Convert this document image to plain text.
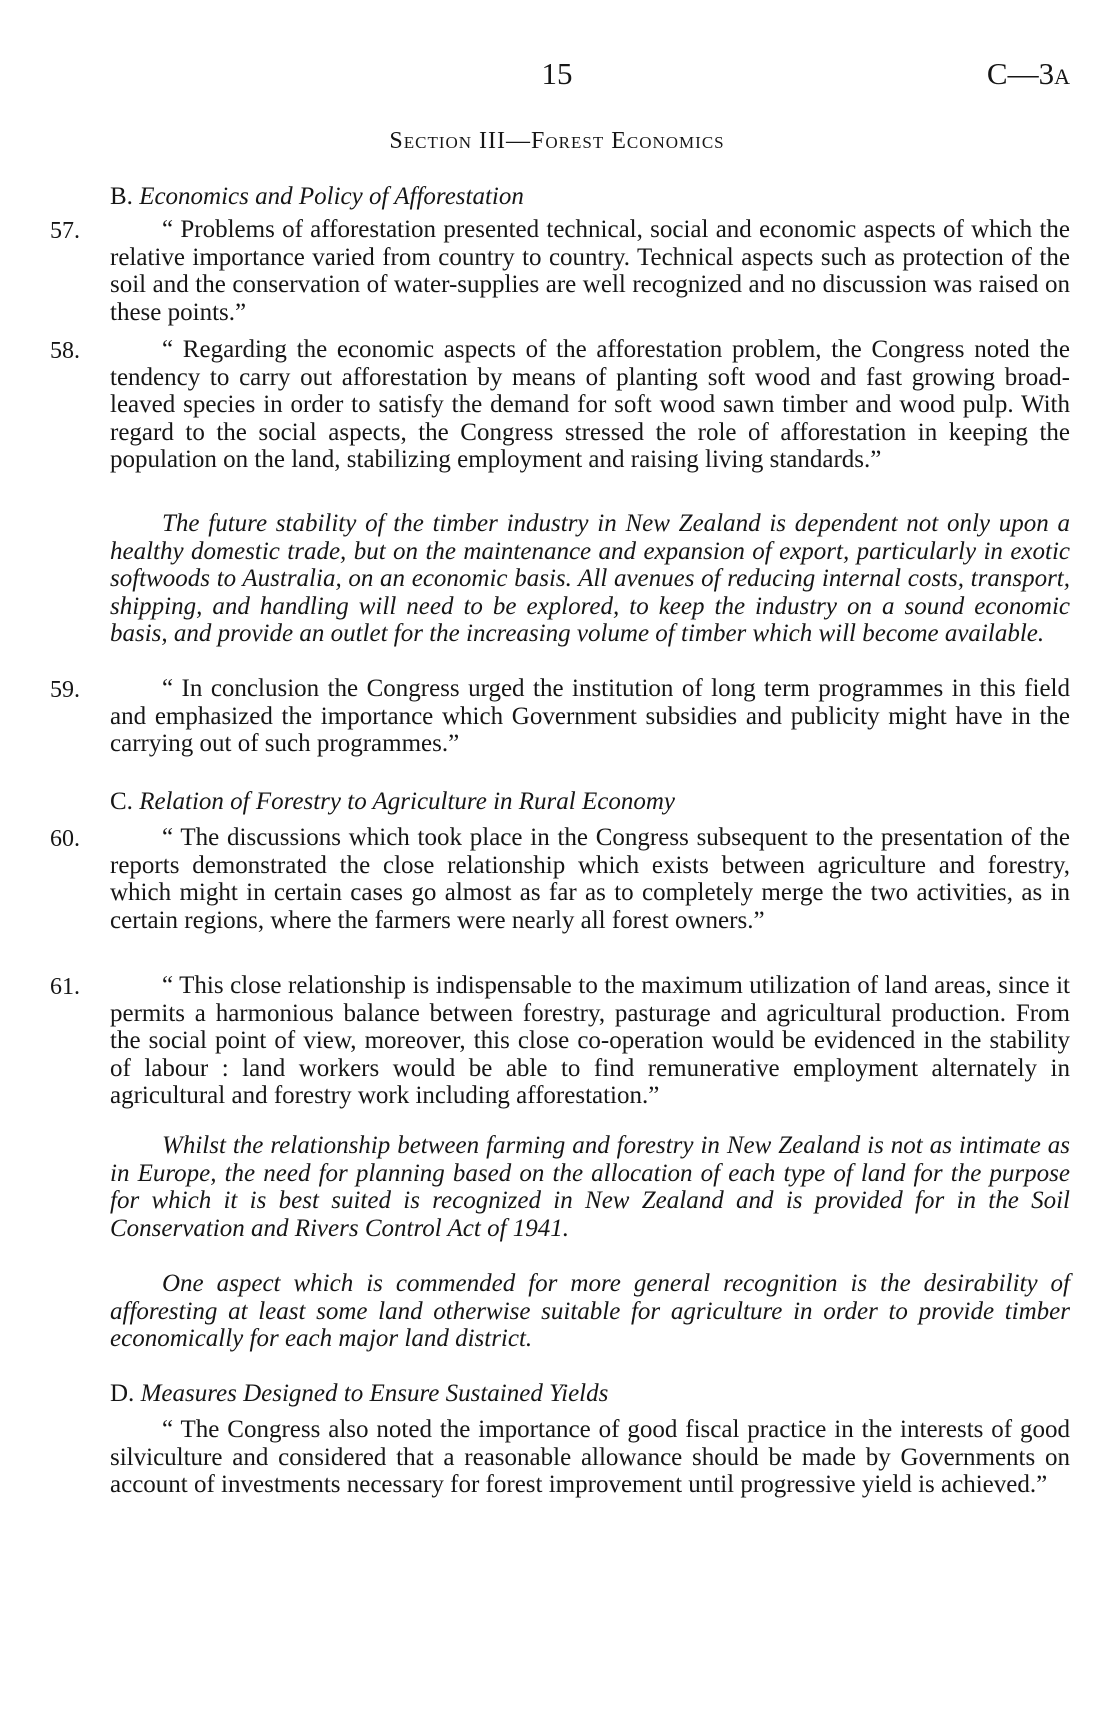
15	C—3A
Section III—Forest Economics
B. Economics and Policy of Afforestation
57.	“ Problems of afforestation presented technical, social and economic aspects of which the relative importance varied from country to country. Technical aspects such as protection of the soil and the conservation of water-supplies are well recognized and no discussion was raised on these points.”

58.	“ Regarding the economic aspects of the afforestation problem, the Congress noted the tendency to carry out afforestation by means of planting soft wood and fast growing broad-leaved species in order to satisfy the demand for soft wood sawn timber and wood pulp. With regard to the social aspects, the Congress stressed the role of afforestation in keeping the population on the land, stabilizing employment and raising living standards.”

The future stability of the timber industry in New Zealand is dependent not only upon a healthy domestic trade, but on the maintenance and expansion of export, particularly in exotic softwoods to Australia, on an economic basis. All avenues of reducing internal costs, transport, shipping, and handling will need to be explored, to keep the industry on a sound economic basis, and provide an outlet for the increasing volume of timber which will become available.

59.	“ In conclusion the Congress urged the institution of long term programmes in this field and emphasized the importance which Government subsidies and publicity might have in the carrying out of such programmes.”

C. Relation of Forestry to Agriculture in Rural Economy
60.	“ The discussions which took place in the Congress subsequent to the presentation of the reports demonstrated the close relationship which exists between agriculture and forestry, which might in certain cases go almost as far as to completely merge the two activities, as in certain regions, where the farmers were nearly all forest owners.”

61.	“ This close relationship is indispensable to the maximum utilization of land areas, since it permits a harmonious balance between forestry, pasturage and agricultural production. From the social point of view, moreover, this close co-operation would be evidenced in the stability of labour : land workers would be able to find remunerative employment alternately in agricultural and forestry work including afforestation.”

Whilst the relationship between farming and forestry in New Zealand is not as intimate as in Europe, the need for planning based on the allocation of each type of land for the purpose for which it is best suited is recognized in New Zealand and is provided for in the Soil Conservation and Rivers Control Act of 1941.

One aspect which is commended for more general recognition is the desirability of afforesting at least some land otherwise suitable for agriculture in order to provide timber economically for each major land district.

D. Measures Designed to Ensure Sustained Yields

“ The Congress also noted the importance of good fiscal practice in the interests of good silviculture and considered that a reasonable allowance should be made by Governments on account of investments necessary for forest improvement until progressive yield is achieved.”
